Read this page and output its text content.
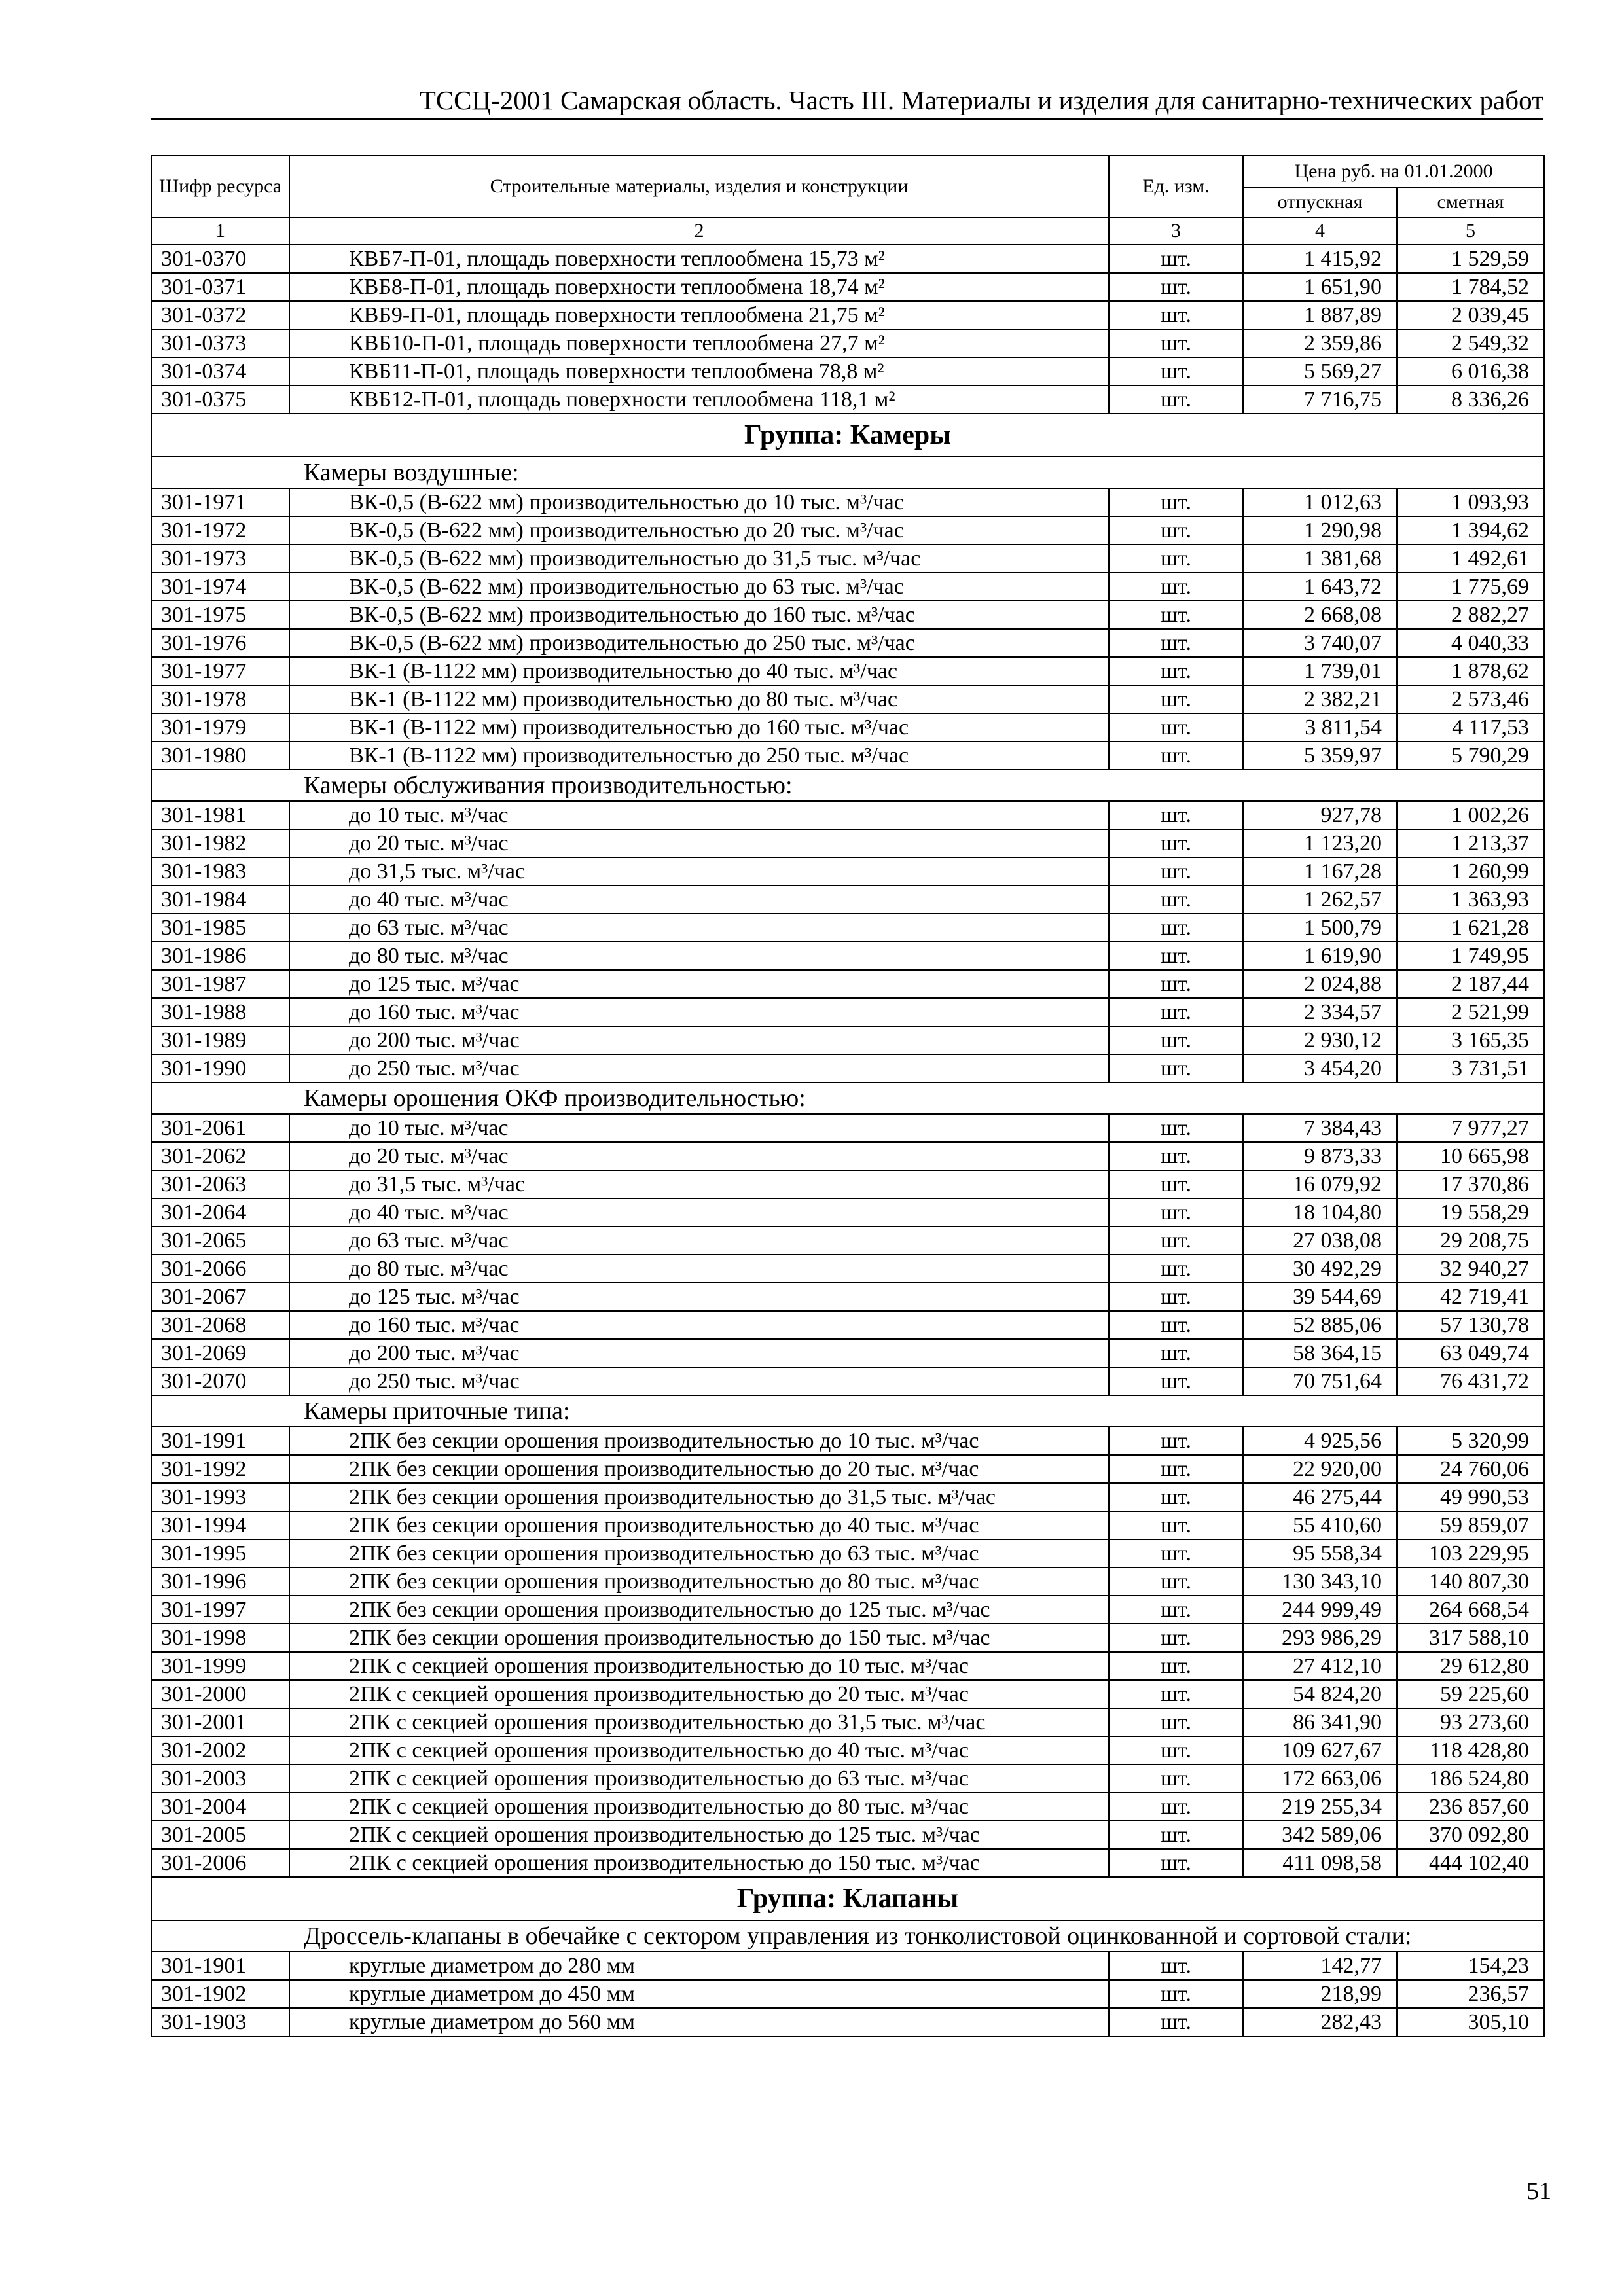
ТССЦ-2001 Самарская область. Часть III. Материалы и изделия для санитарно-технических работ
Шифр ресурса	Строительные материалы, изделия и конструкции	Ед. изм.	Цена руб. на 01.01.2000	
			отпускная	сметная
1	2	3	4	5
301-0370	КВБ7-П-01, площадь поверхности теплообмена 15,73 м²	шт.	1 415,92	1 529,59
301-0371	КВБ8-П-01, площадь поверхности теплообмена 18,74 м²	шт.	1 651,90	1 784,52
301-0372	КВБ9-П-01, площадь поверхности теплообмена 21,75 м²	шт.	1 887,89	2 039,45
301-0373	КВБ10-П-01, площадь поверхности теплообмена 27,7 м²	шт.	2 359,86	2 549,32
301-0374	КВБ11-П-01, площадь поверхности теплообмена 78,8 м²	шт.	5 569,27	6 016,38
301-0375	КВБ12-П-01, площадь поверхности теплообмена 118,1 м²	шт.	7 716,75	8 336,26
Группа: Камеры				
Камеры воздушные:				
301-1971	ВК-0,5 (В-622 мм) производительностью до 10 тыс. м³/час	шт.	1 012,63	1 093,93
301-1972	ВК-0,5 (В-622 мм) производительностью до 20 тыс. м³/час	шт.	1 290,98	1 394,62
301-1973	ВК-0,5 (В-622 мм) производительностью до 31,5 тыс. м³/час	шт.	1 381,68	1 492,61
301-1974	ВК-0,5 (В-622 мм) производительностью до 63 тыс. м³/час	шт.	1 643,72	1 775,69
301-1975	ВК-0,5 (В-622 мм) производительностью до 160 тыс. м³/час	шт.	2 668,08	2 882,27
301-1976	ВК-0,5 (В-622 мм) производительностью до 250 тыс. м³/час	шт.	3 740,07	4 040,33
301-1977	ВК-1 (В-1122 мм) производительностью до 40 тыс. м³/час	шт.	1 739,01	1 878,62
301-1978	ВК-1 (В-1122 мм) производительностью до 80 тыс. м³/час	шт.	2 382,21	2 573,46
301-1979	ВК-1 (В-1122 мм) производительностью до 160 тыс. м³/час	шт.	3 811,54	4 117,53
301-1980	ВК-1 (В-1122 мм) производительностью до 250 тыс. м³/час	шт.	5 359,97	5 790,29
Камеры обслуживания производительностью:				
301-1981	до 10 тыс. м³/час	шт.	927,78	1 002,26
301-1982	до 20 тыс. м³/час	шт.	1 123,20	1 213,37
301-1983	до 31,5 тыс. м³/час	шт.	1 167,28	1 260,99
301-1984	до 40 тыс. м³/час	шт.	1 262,57	1 363,93
301-1985	до 63 тыс. м³/час	шт.	1 500,79	1 621,28
301-1986	до 80 тыс. м³/час	шт.	1 619,90	1 749,95
301-1987	до 125 тыс. м³/час	шт.	2 024,88	2 187,44
301-1988	до 160 тыс. м³/час	шт.	2 334,57	2 521,99
301-1989	до 200 тыс. м³/час	шт.	2 930,12	3 165,35
301-1990	до 250 тыс. м³/час	шт.	3 454,20	3 731,51
Камеры орошения ОКФ производительностью:				
301-2061	до 10 тыс. м³/час	шт.	7 384,43	7 977,27
301-2062	до 20 тыс. м³/час	шт.	9 873,33	10 665,98
301-2063	до 31,5 тыс. м³/час	шт.	16 079,92	17 370,86
301-2064	до 40 тыс. м³/час	шт.	18 104,80	19 558,29
301-2065	до 63 тыс. м³/час	шт.	27 038,08	29 208,75
301-2066	до 80 тыс. м³/час	шт.	30 492,29	32 940,27
301-2067	до 125 тыс. м³/час	шт.	39 544,69	42 719,41
301-2068	до 160 тыс. м³/час	шт.	52 885,06	57 130,78
301-2069	до 200 тыс. м³/час	шт.	58 364,15	63 049,74
301-2070	до 250 тыс. м³/час	шт.	70 751,64	76 431,72
Камеры приточные типа:				
301-1991	2ПК без секции орошения производительностью до 10 тыс. м³/час	шт.	4 925,56	5 320,99
301-1992	2ПК без секции орошения производительностью до 20 тыс. м³/час	шт.	22 920,00	24 760,06
301-1993	2ПК без секции орошения производительностью до 31,5 тыс. м³/час	шт.	46 275,44	49 990,53
301-1994	2ПК без секции орошения производительностью до 40 тыс. м³/час	шт.	55 410,60	59 859,07
301-1995	2ПК без секции орошения производительностью до 63 тыс. м³/час	шт.	95 558,34	103 229,95
301-1996	2ПК без секции орошения производительностью до 80 тыс. м³/час	шт.	130 343,10	140 807,30
301-1997	2ПК без секции орошения производительностью до 125 тыс. м³/час	шт.	244 999,49	264 668,54
301-1998	2ПК без секции орошения производительностью до 150 тыс. м³/час	шт.	293 986,29	317 588,10
301-1999	2ПК с секцией орошения производительностью до 10 тыс. м³/час	шт.	27 412,10	29 612,80
301-2000	2ПК с секцией орошения производительностью до 20 тыс. м³/час	шт.	54 824,20	59 225,60
301-2001	2ПК с секцией орошения производительностью до 31,5 тыс. м³/час	шт.	86 341,90	93 273,60
301-2002	2ПК с секцией орошения производительностью до 40 тыс. м³/час	шт.	109 627,67	118 428,80
301-2003	2ПК с секцией орошения производительностью до 63 тыс. м³/час	шт.	172 663,06	186 524,80
301-2004	2ПК с секцией орошения производительностью до 80 тыс. м³/час	шт.	219 255,34	236 857,60
301-2005	2ПК с секцией орошения производительностью до 125 тыс. м³/час	шт.	342 589,06	370 092,80
301-2006	2ПК с секцией орошения производительностью до 150 тыс. м³/час	шт.	411 098,58	444 102,40
Группа: Клапаны				
Дроссель-клапаны в обечайке с сектором управления из тонколистовой оцинкованной и сортовой стали:				
301-1901	круглые диаметром до 280 мм	шт.	142,77	154,23
301-1902	круглые диаметром до 450 мм	шт.	218,99	236,57
301-1903	круглые диаметром до 560 мм	шт.	282,43	305,10
51
